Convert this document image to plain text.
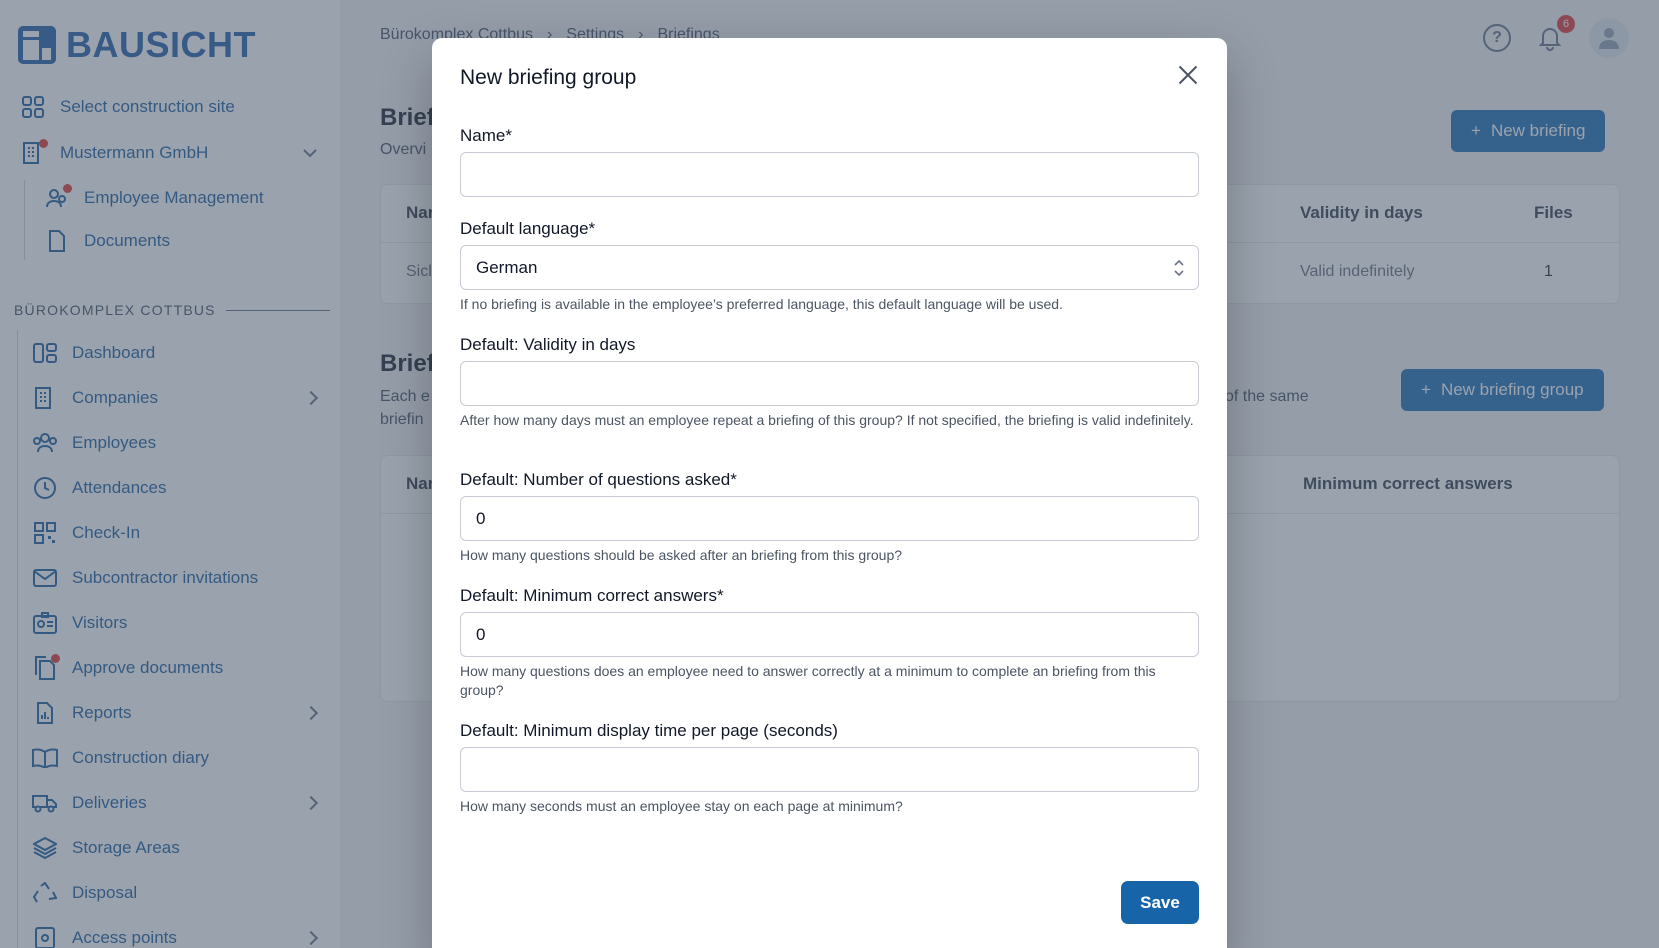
New briefing group
Name*
Default language*
German
If no briefing is available in the employee’s preferred language, this default language will be used.
Default: Validity in days
After how many days must an employee repeat a briefing of this group? If not specified, the briefing is valid indefinitely.
Default: Number of questions asked*
0
How many questions should be asked after an briefing from this group?
Default: Minimum correct answers*
0
How many questions does an employee need to answer correctly at a minimum to complete an briefing from this group?
Default: Minimum display time per page (seconds)
How many seconds must an employee stay on each page at minimum?
Save
